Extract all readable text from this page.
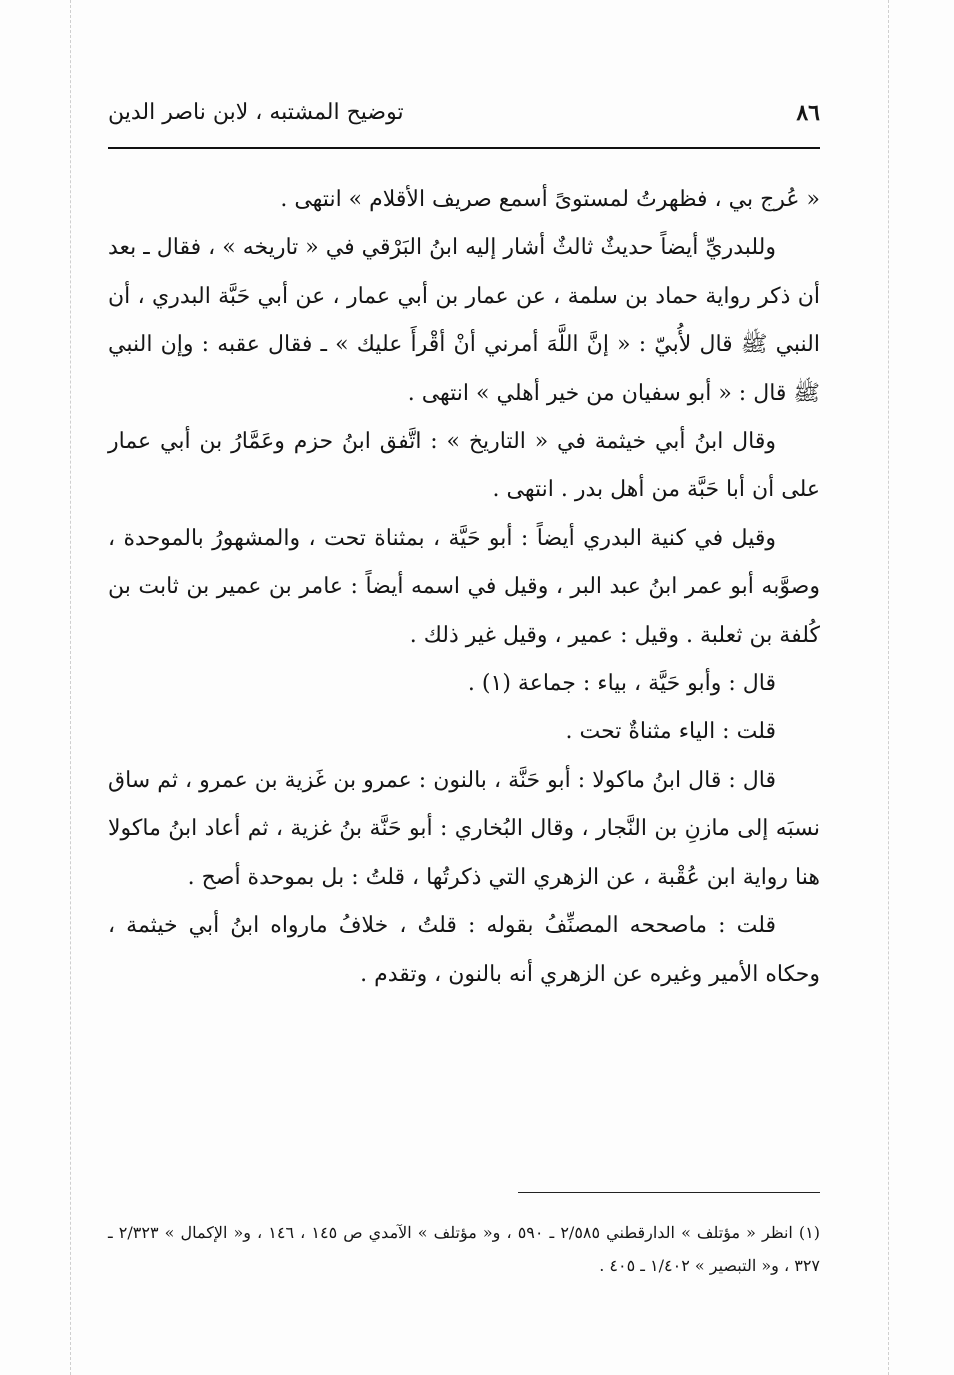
توضيح المشتبه ، لابن ناصر الدين	٨٦

« عُرج بي ، فظهرتُ لمستوىً أسمع صريف الأقلام » انتهى .

وللبدريِّ أيضاً حديثٌ ثالثٌ أشار إليه ابنُ البَرْقي في « تاريخه » ، فقال ـ بعد أن ذكر رواية حماد بن سلمة ، عن عمار بن أبي عمار ، عن أبي حَبَّة البدري ، أن النبي ﷺ قال لأُبيّ : « إنَّ اللَّهَ أمرني أنْ أقْرأَ عليك » ـ فقال عقبه : وإن النبي ﷺ قال : « أبو سفيان من خير أهلي » انتهى .

وقال ابنُ أبي خيثمة في « التاريخ » : اتَّفق ابنُ حزم وعَمَّارُ بن أبي عمار على أن أبا حَبَّة من أهل بدر . انتهى .

وقيل في كنية البدري أيضاً : أبو حَيَّة ، بمثناة تحت ، والمشهورُ بالموحدة ، وصوَّبه أبو عمر ابنُ عبد البر ، وقيل في اسمه أيضاً : عامر بن عمير بن ثابت بن كُلفة بن ثعلبة . وقيل : عمير ، وقيل غير ذلك .

قال : وأبو حَيَّة ، بياء : جماعة (١) .

قلت : الياء مثناةٌ تحت .

قال : قال ابنُ ماكولا : أبو حَنَّة ، بالنون : عمرو بن غَزية بن عمرو ، ثم ساق نسبَه إلى مازنِ بن النَّجار ، وقال البُخاري : أبو حَنَّة بنُ غزية ، ثم أعاد ابنُ ماكولا هنا رواية ابن عُقْبة ، عن الزهري التي ذكرتُها ، قلتُ : بل بموحدة أصح .

قلت : ماصححه المصنِّفُ بقوله : قلتُ ، خلافُ مارواه ابنُ أبي خيثمة ، وحكاه الأمير وغيره عن الزهري أنه بالنون ، وتقدم .

(١) انظر « مؤتلف » الدارقطني ٢/٥٨٥ ـ ٥٩٠ ، و« مؤتلف » الآمدي ص ١٤٥ ، ١٤٦ ، و« الإكمال » ٢/٣٢٣ ـ ٣٢٧ ، و« التبصير » ١/٤٠٢ ـ ٤٠٥ .
